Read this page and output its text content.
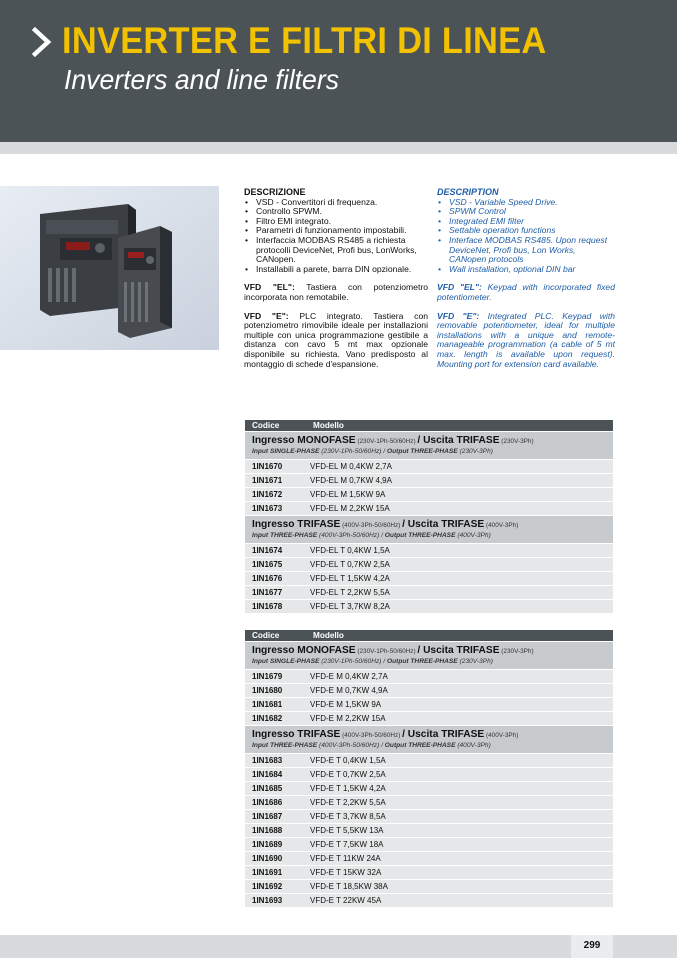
INVERTER E FILTRI DI LINEA
Inverters and line filters
DESCRIZIONE
• VSD - Convertitori di frequenza.
• Controllo SPWM.
• Filtro EMI integrato.
• Parametri di funzionamento impostabili.
• Interfaccia MODBAS RS485 a richiesta protocolli DeviceNet, Profi bus, LonWorks, CANopen.
• Installabili a parete, barra DIN opzionale.

VFD "EL": Tastiera con potenziometro incorporata non remotabile.

VFD "E": PLC integrato. Tastiera con potenziometro rimovibile ideale per installazioni multiple con unica programmazione gestibile a distanza con cavo 5 mt max opzionale disponibile su richiesta. Vano predisposto al montaggio di schede d'espansione.

DESCRIPTION
• VSD - Variable Speed Drive.
• SPWM Control
• Integrated EMI filter
• Settable operation functions
• Interface MODBAS RS485. Upon request DeviceNet, Profi bus, Lon Works, CANopen protocols
• Wall installation, optional DIN bar

VFD "EL": Keypad with incorporated fixed potentiometer.

VFD "E": Integrated PLC. Keypad with removable potentiometer, ideal for multiple installations with a unique and remote-manageable programmation (a cable of 5 mt max. length is available upon request). Mounting port for extension card available.

Codice	Modello
Ingresso MONOFASE (230V-1Ph-50/60Hz) / Uscita TRIFASE (230V-3Ph)
Input SINGLE-PHASE (230V-1Ph-50/60Hz) / Output THREE-PHASE (230V-3Ph)
1IN1670	VFD-EL M 0,4KW 2,7A
1IN1671	VFD-EL M 0,7KW 4,9A
1IN1672	VFD-EL M 1,5KW 9A
1IN1673	VFD-EL M 2,2KW 15A
Ingresso TRIFASE (400V-3Ph-50/60Hz) / Uscita TRIFASE (400V-3Ph)
Input THREE-PHASE (400V-3Ph-50/60Hz) / Output THREE-PHASE (400V-3Ph)
1IN1674	VFD-EL T 0,4KW 1,5A
1IN1675	VFD-EL T 0,7KW 2,5A
1IN1676	VFD-EL T 1,5KW 4,2A
1IN1677	VFD-EL T 2,2KW 5,5A
1IN1678	VFD-EL T 3,7KW 8,2A
Codice	Modello
Ingresso MONOFASE (230V-1Ph-50/60Hz) / Uscita TRIFASE (230V-3Ph)
Input SINGLE-PHASE (230V-1Ph-50/60Hz) / Output THREE-PHASE (230V-3Ph)
1IN1679	VFD-E M 0,4KW 2,7A
1IN1680	VFD-E M 0,7KW 4,9A
1IN1681	VFD-E M 1,5KW 9A
1IN1682	VFD-E M 2,2KW 15A
Ingresso TRIFASE (400V-3Ph-50/60Hz) / Uscita TRIFASE (400V-3Ph)
Input THREE-PHASE (400V-3Ph-50/60Hz) / Output THREE-PHASE (400V-3Ph)
1IN1683	VFD-E T 0,4KW 1,5A
1IN1684	VFD-E T 0,7KW 2,5A
1IN1685	VFD-E T 1,5KW 4,2A
1IN1686	VFD-E T 2,2KW 5,5A
1IN1687	VFD-E T 3,7KW 8,5A
1IN1688	VFD-E T 5,5KW 13A
1IN1689	VFD-E T 7,5KW 18A
1IN1690	VFD-E T 11KW 24A
1IN1691	VFD-E T 15KW 32A
1IN1692	VFD-E T 18,5KW 38A
1IN1693	VFD-E T 22KW 45A
299
